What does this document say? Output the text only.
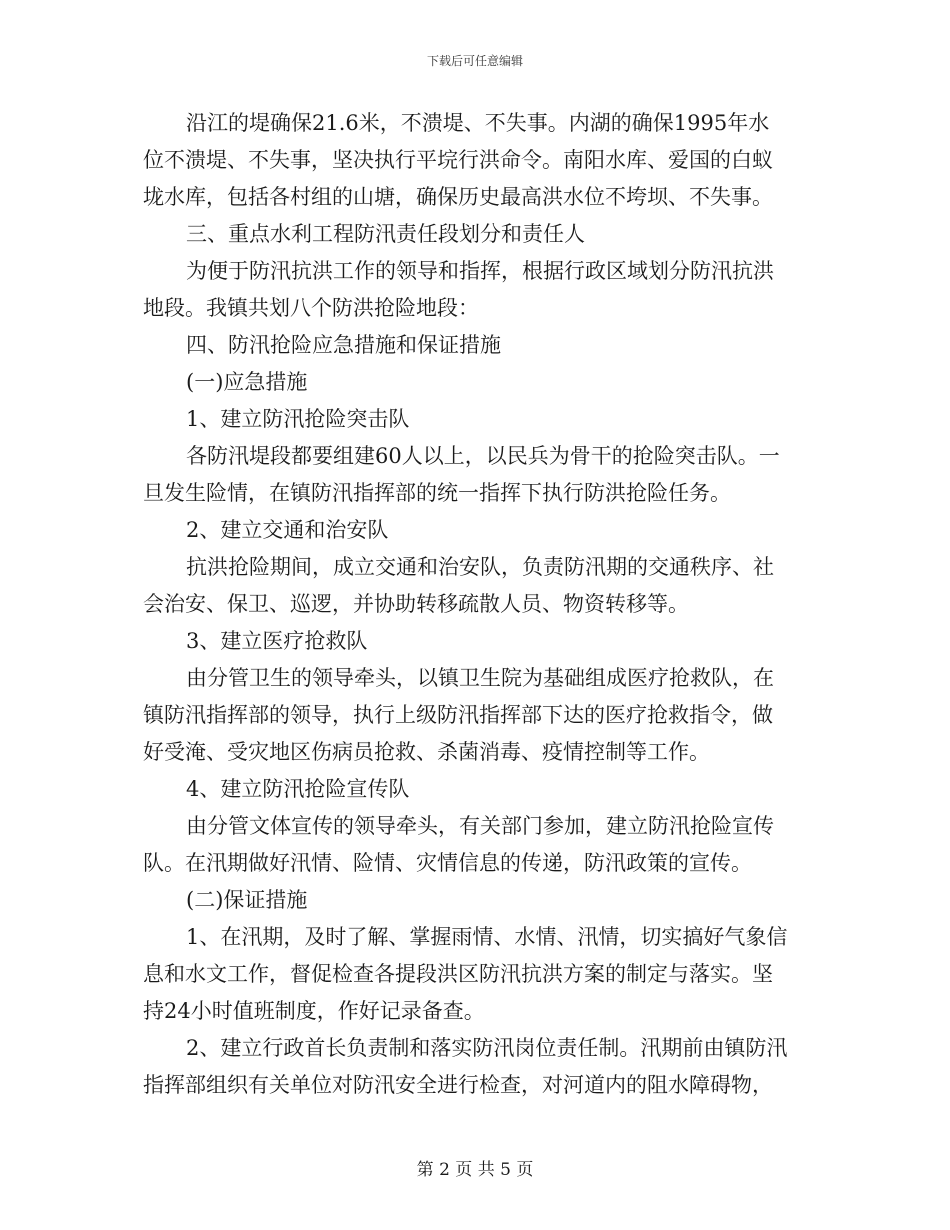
下载后可任意编辑
沿江的堤确保21.6米，不溃堤、不失事。内湖的确保1995年水
位不溃堤、不失事，坚决执行平垸行洪命令。南阳水库、爱国的白蚁
垅水库，包括各村组的山塘，确保历史最高洪水位不垮坝、不失事。
三、重点水利工程防汛责任段划分和责任人
为便于防汛抗洪工作的领导和指挥，根据行政区域划分防汛抗洪
地段。我镇共划八个防洪抢险地段：
四、防汛抢险应急措施和保证措施
(一)应急措施
1、建立防汛抢险突击队
各防汛堤段都要组建60人以上，以民兵为骨干的抢险突击队。一
旦发生险情，在镇防汛指挥部的统一指挥下执行防洪抢险任务。
2、建立交通和治安队
抗洪抢险期间，成立交通和治安队，负责防汛期的交通秩序、社
会治安、保卫、巡逻，并协助转移疏散人员、物资转移等。
3、建立医疗抢救队
由分管卫生的领导牵头，以镇卫生院为基础组成医疗抢救队，在
镇防汛指挥部的领导，执行上级防汛指挥部下达的医疗抢救指令，做
好受淹、受灾地区伤病员抢救、杀菌消毒、疫情控制等工作。
4、建立防汛抢险宣传队
由分管文体宣传的领导牵头，有关部门参加，建立防汛抢险宣传
队。在汛期做好汛情、险情、灾情信息的传递，防汛政策的宣传。
(二)保证措施
1、在汛期，及时了解、掌握雨情、水情、汛情，切实搞好气象信
息和水文工作，督促检查各提段洪区防汛抗洪方案的制定与落实。坚
持24小时值班制度，作好记录备查。
2、建立行政首长负责制和落实防汛岗位责任制。汛期前由镇防汛
指挥部组织有关单位对防汛安全进行检查，对河道内的阻水障碍物，
第 2 页 共 5 页
